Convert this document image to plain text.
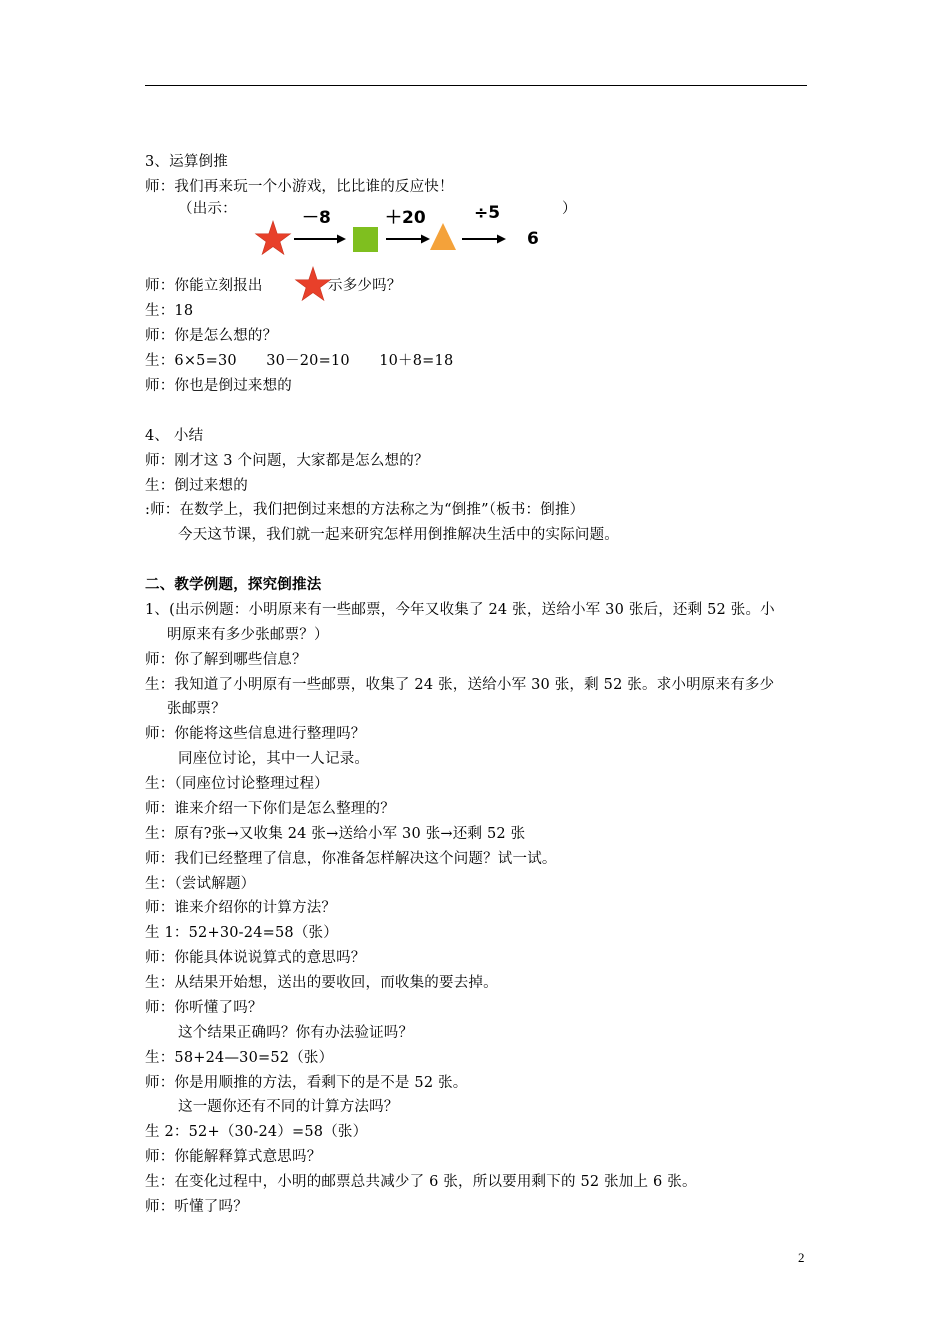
3、运算倒推
师：我们再来玩一个小游戏，比比谁的反应快！
（出示：	）
－8	＋20	÷5
6
师：你能立刻报出	示多少吗？
生：18
师：你是怎么想的？
生：6×5=30　　30－20=10　　10＋8=18
师：你也是倒过来想的
4、 小结
师：刚才这 3 个问题，大家都是怎么想的？
生：倒过来想的
:师：在数学上，我们把倒过来想的方法称之为“倒推”（板书：倒推）
今天这节课，我们就一起来研究怎样用倒推解决生活中的实际问题。
二、教学例题，探究倒推法
1、(出示例题：小明原来有一些邮票，今年又收集了 24 张，送给小军 30 张后，还剩 52 张。小
明原来有多少张邮票？）
师：你了解到哪些信息？
生：我知道了小明原有一些邮票，收集了 24 张，送给小军 30 张，剩 52 张。求小明原来有多少
张邮票？
师：你能将这些信息进行整理吗？
同座位讨论，其中一人记录。
生：（同座位讨论整理过程）
师：谁来介绍一下你们是怎么整理的？
生：原有?张→又收集 24 张→送给小军 30 张→还剩 52 张
师：我们已经整理了信息，你准备怎样解决这个问题？试一试。
生：（尝试解题）
师：谁来介绍你的计算方法？
生 1：52+30-24=58（张）
师：你能具体说说算式的意思吗？
生：从结果开始想，送出的要收回，而收集的要去掉。
师：你听懂了吗？
这个结果正确吗？你有办法验证吗？
生：58+24—30=52（张）
师：你是用顺推的方法，看剩下的是不是 52 张。
这一题你还有不同的计算方法吗？
生 2：52+（30-24）=58（张）
师：你能解释算式意思吗？
生：在变化过程中，小明的邮票总共减少了 6 张，所以要用剩下的 52 张加上 6 张。
师：听懂了吗？
2
